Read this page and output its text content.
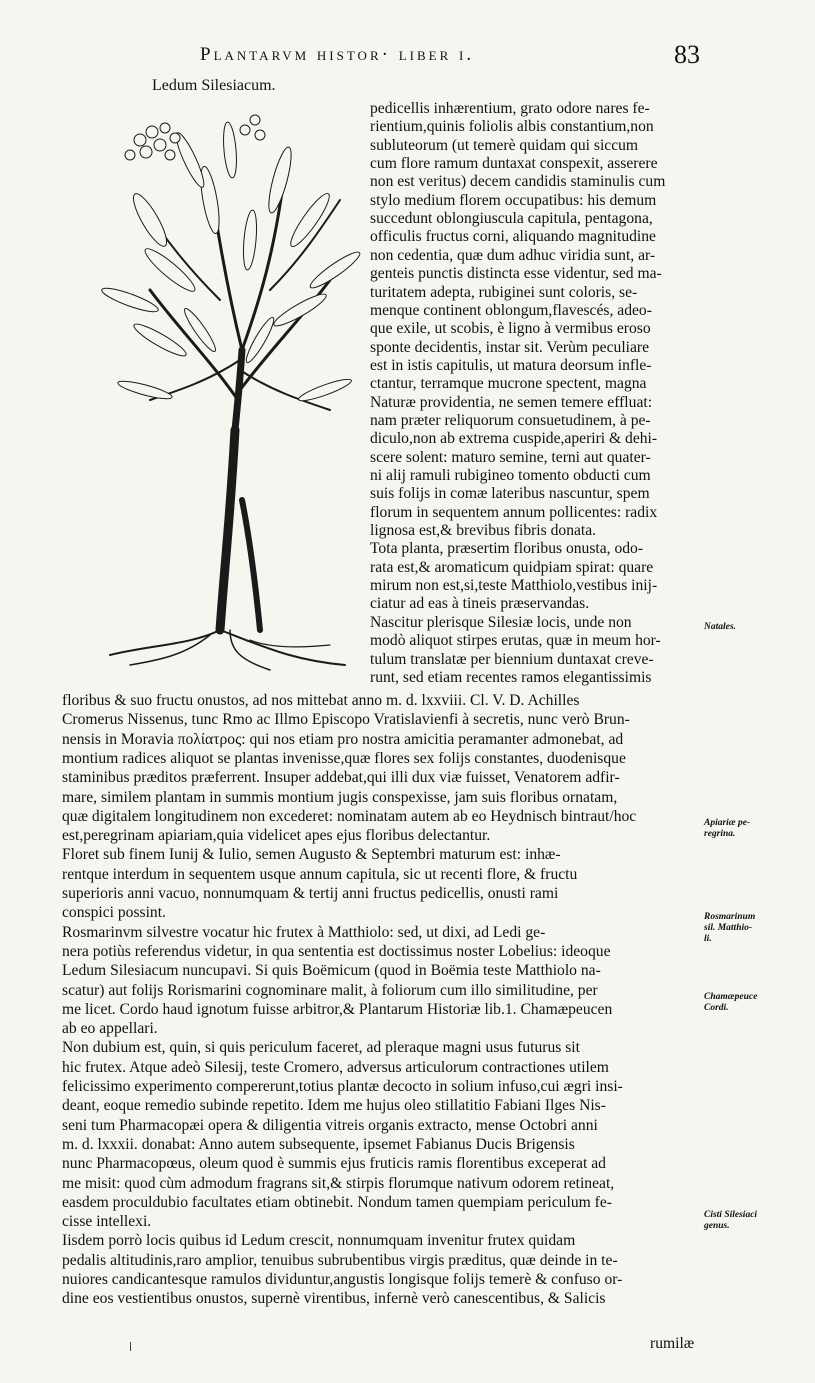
Plantarvm histor· liber i.	83
Ledum Silesiacum.
pedicellis inhærentium, grato odore nares fe-
rientium,quinis foliolis albis constantium,non
subluteorum (ut temerè quidam qui siccum
cum flore ramum duntaxat conspexit, asserere
non est veritus) decem candidis staminulis cum
stylo medium florem occupatibus: his demum
succedunt oblongiuscula capitula, pentagona,
officulis fructus corni, aliquando magnitudine
non cedentia, quæ dum adhuc viridia sunt, ar-
genteis punctis distincta esse videntur, sed ma-
turitatem adepta, rubiginei sunt coloris, se-
menque continent oblongum,flavescés, adeo-
que exile, ut scobis, è ligno à vermibus eroso
sponte decidentis, instar sit. Verùm peculiare
est in istis capitulis, ut matura deorsum infle-
ctantur, terramque mucrone spectent, magna
Naturæ providentia, ne semen temere effluat:
nam præter reliquorum consuetudinem, à pe-
diculo,non ab extrema cuspide,aperiri & dehi-
scere solent: maturo semine, terni aut quater-
ni alij ramuli rubigineo tomento obducti cum
suis folijs in comæ lateribus nascuntur, spem
florum in sequentem annum pollicentes: radix
lignosa est,& brevibus fibris donata.
Tota planta, præsertim floribus onusta, odo-
rata est,& aromaticum quidpiam spirat: quare
mirum non est,si,teste Matthiolo,vestibus inij-
ciatur ad eas à tineis præservandas.
Nascitur plerisque Silesiæ locis, unde non
modò aliquot stirpes erutas, quæ in meum hor-
tulum translatæ per biennium duntaxat creve-
runt, sed etiam recentes ramos elegantissimis
floribus & suo fructu onustos, ad nos mittebat anno m. d. lxxviii. Cl. V. D. Achilles
Cromerus Nissenus, tunc Rmo ac Illmo Episcopo Vratislavienfi à secretis, nunc verò Brun-
nensis in Moravia πολίατρος: qui nos etiam pro nostra amicitia peramanter admonebat, ad
montium radices aliquot se plantas invenisse,quæ flores sex folijs constantes, duodenisque
staminibus præditos præferrent. Insuper addebat,qui illi dux viæ fuisset, Venatorem adfir-
mare, similem plantam in summis montium jugis conspexisse, jam suis floribus ornatam,
quæ digitalem longitudinem non excederet: nominatam autem ab eo Heydnisch bintraut/hoc
est,peregrinam apiariam,quia videlicet apes ejus floribus delectantur.
Floret sub finem Iunij & Iulio, semen Augusto & Septembri maturum est: inhæ-
rentque interdum in sequentem usque annum capitula, sic ut recenti flore, & fructu
superioris anni vacuo, nonnumquam & tertij anni fructus pedicellis, onusti rami
conspici possint.
Rosmarinvm silvestre vocatur hic frutex à Matthiolo: sed, ut dixi, ad Ledi ge-
nera potiùs referendus videtur, in qua sententia est doctissimus noster Lobelius: ideoque
Ledum Silesiacum nuncupavi. Si quis Boëmicum (quod in Boëmia teste Matthiolo na-
scatur) aut folijs Rorismarini cognominare malit, à foliorum cum illo similitudine, per
me licet. Cordo haud ignotum fuisse arbitror,& Plantarum Historiæ lib.1. Chamæpeucen
ab eo appellari.
Non dubium est, quin, si quis periculum faceret, ad pleraque magni usus futurus sit
hic frutex. Atque adeò Silesij, teste Cromero, adversus articulorum contractiones utilem
felicissimo experimento compererunt,totius plantæ decocto in solium infuso,cui ægri insi-
deant, eoque remedio subinde repetito. Idem me hujus oleo stillatitio Fabiani Ilges Nis-
seni tum Pharmacopæi opera & diligentia vitreis organis extracto, mense Octobri anni
m. d. lxxxii. donabat: Anno autem subsequente, ipsemet Fabianus Ducis Brigensis
nunc Pharmacopœus, oleum quod è summis ejus fruticis ramis florentibus exceperat ad
me misit: quod cùm admodum fragrans sit,& stirpis florumque nativum odorem retineat,
easdem proculdubio facultates etiam obtinebit. Nondum tamen quempiam periculum fe-
cisse intellexi.
Iisdem porrò locis quibus id Ledum crescit, nonnumquam invenitur frutex quidam
pedalis altitudinis,raro amplior, tenuibus subrubentibus virgis præditus, quæ deinde in te-
nuiores candicantesque ramulos dividuntur,angustis longisque folijs temerè & confuso or-
dine eos vestientibus onustos, supernè virentibus, infernè verò canescentibus, & Salicis
Natales.
Apiariæ pe-
regrina.
Rosmarinum
sil. Matthio-
li.
Chamæpeuce
Cordi.
Cisti Silesiaci
genus.
rumilæ
